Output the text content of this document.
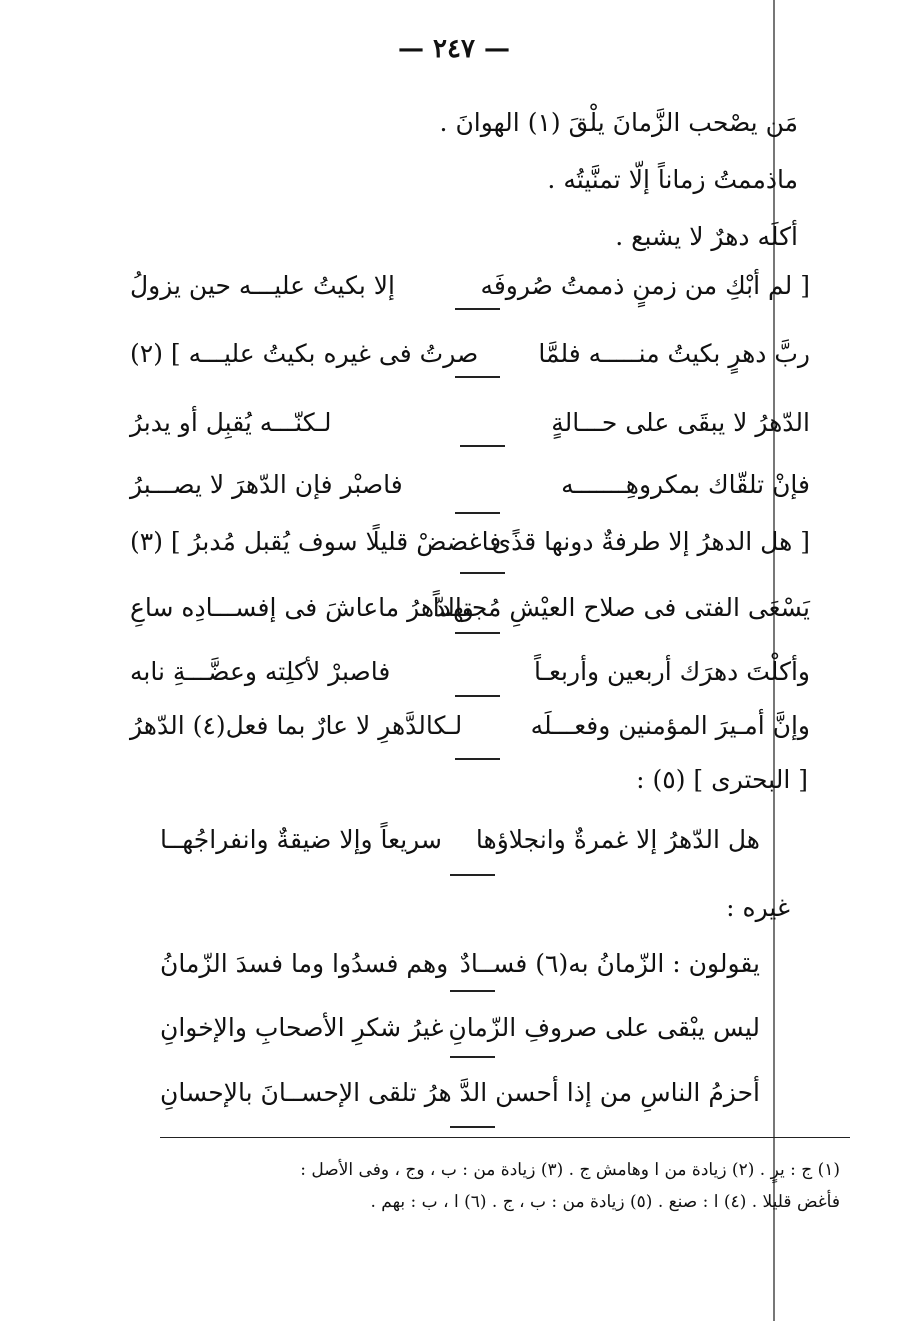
— ٢٤٧ —
مَن يصْحب الزَّمانَ يلْقَ (١) الهوانَ .
ماذممتُ زماناً إلّا تمنَّيتُه .
أكلَه دهرٌ لا يشبع .
[ لم أبْكِ من زمنٍ ذممتُ صُروفَه
إلا بكيتُ عليـــه حين يزولُ
ربَّ دهرٍ بكيتُ منـــــه فلمَّا
صرتُ فى غيره بكيتُ عليـــه ] (٢)
الدّهرُ لا يبقَى على حـــالةٍ
لـكنّـــه يُقبِل أو يدبرُ
فإنْ تلقّاك بمكروهِـــــــه
فاصبْر فإن الدّهرَ لا يصـــبرُ
[ هل الدهرُ إلا طرفةٌ دونها قذًى
فاغضضْ قليلًا سوف يُقبل مُدبرُ ] (٣)
يَسْعَى الفتى فى صلاح العيْشِ مُجتهداً
والدّهرُ ماعاشَ فى إفســـادِه ساعِ
وأكلْتَ دهرَك أربعين وأربعـاً
فاصبرْ لأكلِته وعضَّـــةِ نابه
وإنَّ أمـيرَ المؤمنين وفعـــلَه
لـكالدَّهرِ لا عارٌ بما فعل(٤) الدّهرُ
[ البحترى ] (٥) :
هل الدّهرُ إلا غمرةٌ وانجلاؤها
سريعاً وإلا ضيقةٌ وانفراجُهــا
غيره :
يقولون : الزّمانُ به(٦) فســادٌ
وهم فسدُوا وما فسدَ الزّمانُ
ليس يبْقى على صروفِ الزّمانِ
غيرُ شكرِ الأصحابِ والإخوانِ
أحزمُ الناسِ من إذا أحسن الدَّ
هرُ تلقى الإحســانَ بالإحسانِ
(١) ج : يرٍ . (٢) زيادة من ا وهامش ج . (٣) زيادة من : ب ، وج ، وفى الأصل :
فأغض قليلا . (٤) ا : صنع . (٥) زيادة من : ب ، ج . (٦) ا ، ب : بهم .
